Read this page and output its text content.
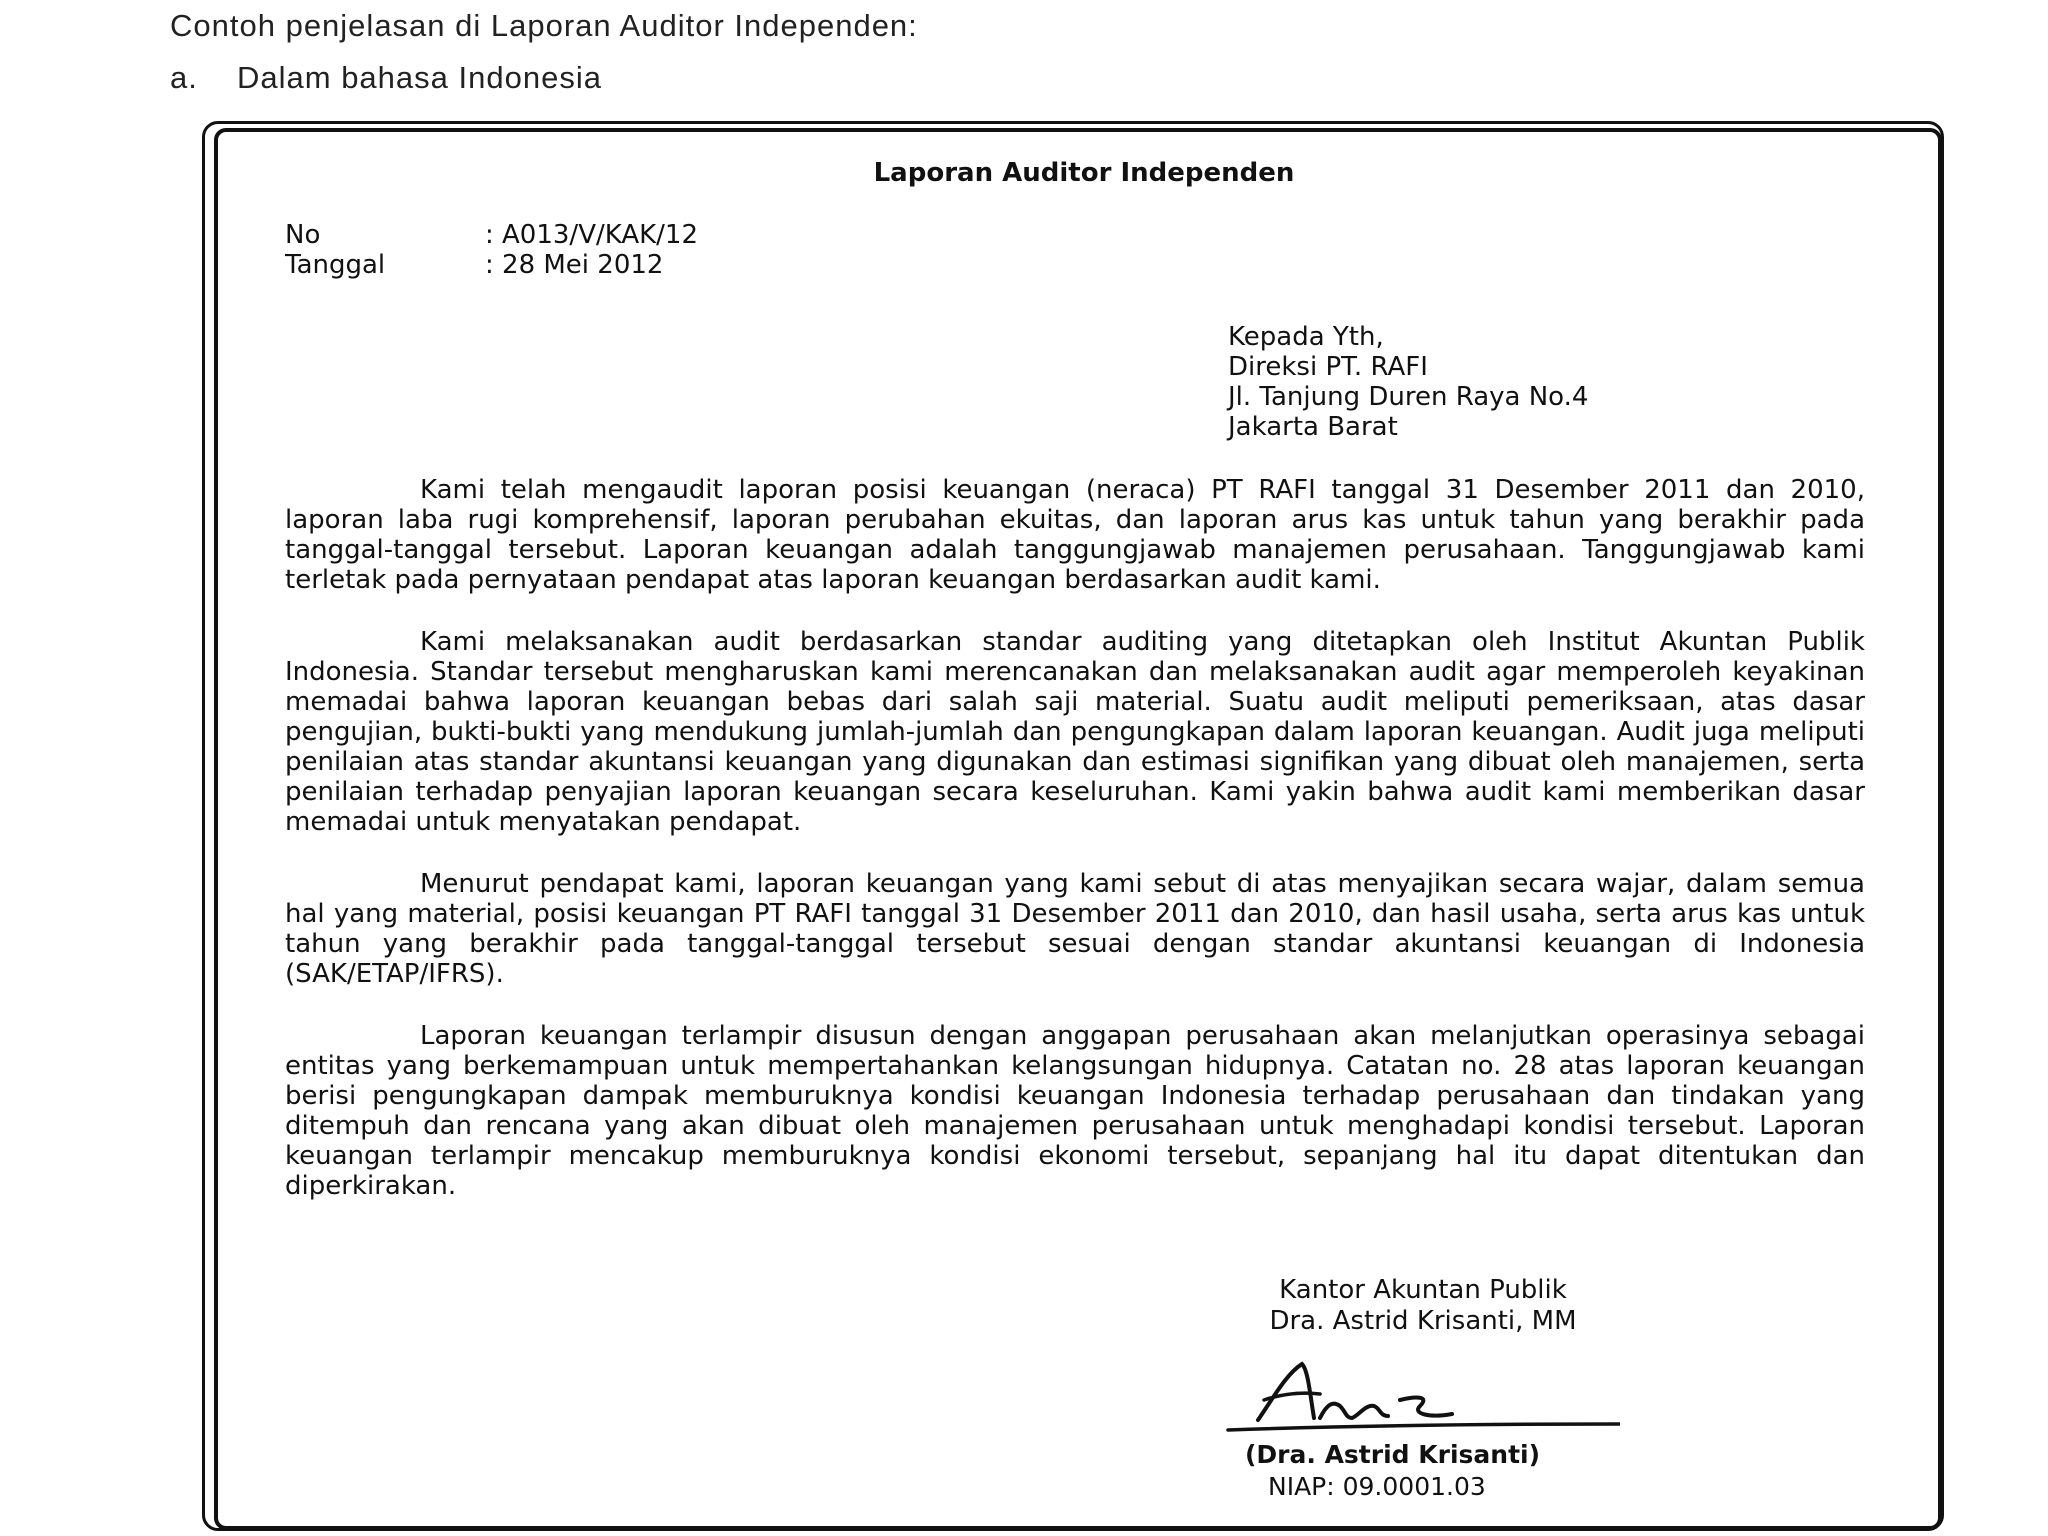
Contoh penjelasan di Laporan Auditor Independen:
a.	Dalam bahasa Indonesia
Laporan Auditor Independen
No	: A013/V/KAK/12
Tanggal	: 28 Mei 2012
Kepada Yth,
Direksi PT. RAFI
Jl. Tanjung Duren Raya No.4
Jakarta Barat

Kami telah mengaudit laporan posisi keuangan (neraca) PT RAFI tanggal 31 Desember 2011 dan 2010, laporan laba rugi komprehensif, laporan perubahan ekuitas, dan laporan arus kas untuk tahun yang berakhir pada tanggal-tanggal tersebut. Laporan keuangan adalah tanggungjawab manajemen perusahaan. Tanggungjawab kami terletak pada pernyataan pendapat atas laporan keuangan berdasarkan audit kami.

Kami melaksanakan audit berdasarkan standar auditing yang ditetapkan oleh Institut Akuntan Publik Indonesia. Standar tersebut mengharuskan kami merencanakan dan melaksanakan audit agar memperoleh keyakinan memadai bahwa laporan keuangan bebas dari salah saji material. Suatu audit meliputi pemeriksaan, atas dasar pengujian, bukti-bukti yang mendukung jumlah-jumlah dan pengungkapan dalam laporan keuangan. Audit juga meliputi penilaian atas standar akuntansi keuangan yang digunakan dan estimasi signifikan yang dibuat oleh manajemen, serta penilaian terhadap penyajian laporan keuangan secara keseluruhan. Kami yakin bahwa audit kami memberikan dasar memadai untuk menyatakan pendapat.

Menurut pendapat kami, laporan keuangan yang kami sebut di atas menyajikan secara wajar, dalam semua hal yang material, posisi keuangan PT RAFI tanggal 31 Desember 2011 dan 2010, dan hasil usaha, serta arus kas untuk tahun yang berakhir pada tanggal-tanggal tersebut sesuai dengan standar akuntansi keuangan di Indonesia (SAK/ETAP/IFRS).

Laporan keuangan terlampir disusun dengan anggapan perusahaan akan melanjutkan operasinya sebagai entitas yang berkemampuan untuk mempertahankan kelangsungan hidupnya. Catatan no. 28 atas laporan keuangan berisi pengungkapan dampak memburuknya kondisi keuangan Indonesia terhadap perusahaan dan tindakan yang ditempuh dan rencana yang akan dibuat oleh manajemen perusahaan untuk menghadapi kondisi tersebut. Laporan keuangan terlampir mencakup memburuknya kondisi ekonomi tersebut, sepanjang hal itu dapat ditentukan dan diperkirakan.

Kantor Akuntan Publik
Dra. Astrid Krisanti, MM
(Dra. Astrid Krisanti)
NIAP: 09.0001.03
